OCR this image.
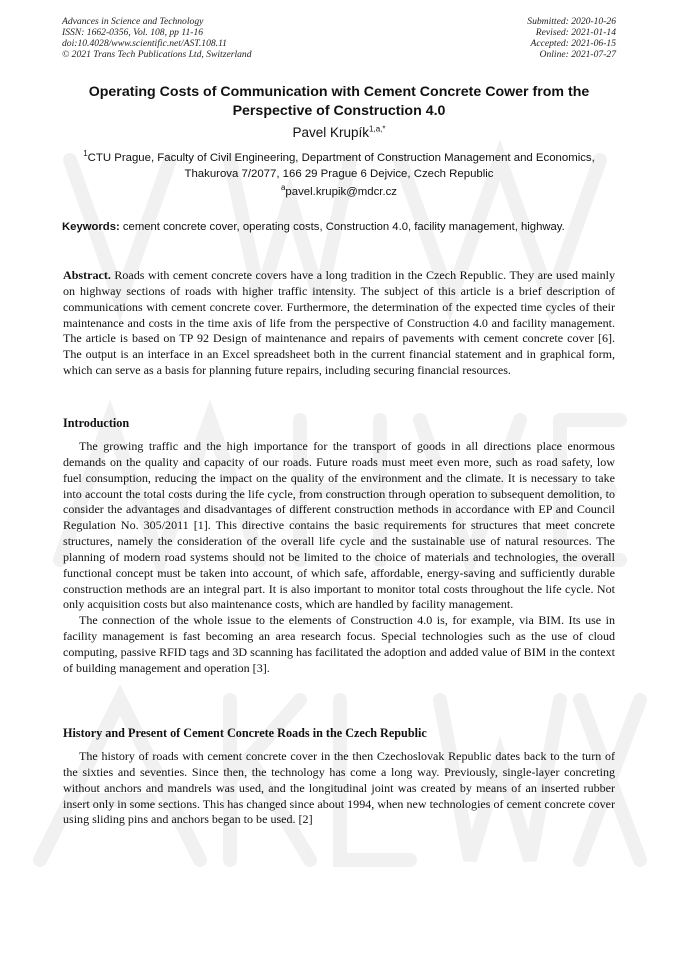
Advances in Science and Technology
ISSN: 1662-0356, Vol. 108, pp 11-16
doi:10.4028/www.scientific.net/AST.108.11
© 2021 Trans Tech Publications Ltd, Switzerland
Submitted: 2020-10-26
Revised: 2021-01-14
Accepted: 2021-06-15
Online: 2021-07-27
Operating Costs of Communication with Cement Concrete Cower from the Perspective of Construction 4.0
Pavel Krupík$^{1,a,*}$
$^1$CTU Prague, Faculty of Civil Engineering, Department of Construction Management and Economics, Thakurova 7/2077, 166 29 Prague 6 Dejvice, Czech Republic
$^a$pavel.krupik@mdcr.cz

Keywords: cement concrete cover, operating costs, Construction 4.0, facility management, highway.

Abstract. Roads with cement concrete covers have a long tradition in the Czech Republic. They are used mainly on highway sections of roads with higher traffic intensity. The subject of this article is a brief description of communications with cement concrete cover. Furthermore, the determination of the expected time cycles of their maintenance and costs in the time axis of life from the perspective of Construction 4.0 and facility management. The article is based on TP 92 Design of maintenance and repairs of pavements with cement concrete cover [6]. The output is an interface in an Excel spreadsheet both in the current financial statement and in graphical form, which can serve as a basis for planning future repairs, including securing financial resources.

Introduction

The growing traffic and the high importance for the transport of goods in all directions place enormous demands on the quality and capacity of our roads. Future roads must meet even more, such as road safety, low fuel consumption, reducing the impact on the quality of the environment and the climate. It is necessary to take into account the total costs during the life cycle, from construction through operation to subsequent demolition, to consider the advantages and disadvantages of different construction methods in accordance with EP and Council Regulation No. 305/2011 [1]. This directive contains the basic requirements for structures that meet concrete structures, namely the consideration of the overall life cycle and the sustainable use of natural resources. The planning of modern road systems should not be limited to the choice of materials and technologies, the overall functional concept must be taken into account, of which safe, affordable, energy-saving and sufficiently durable construction methods are an integral part. It is also important to monitor total costs throughout the life cycle. Not only acquisition costs but also maintenance costs, which are handled by facility management.

The connection of the whole issue to the elements of Construction 4.0 is, for example, via BIM. Its use in facility management is fast becoming an area research focus. Special technologies such as the use of cloud computing, passive RFID tags and 3D scanning has facilitated the adoption and added value of BIM in the context of building management and operation [3].

History and Present of Cement Concrete Roads in the Czech Republic

The history of roads with cement concrete cover in the then Czechoslovak Republic dates back to the turn of the sixties and seventies. Since then, the technology has come a long way. Previously, single-layer concreting without anchors and mandrels was used, and the longitudinal joint was created by means of an inserted rubber insert only in some sections. This has changed since about 1994, when new technologies of cement concrete cover using sliding pins and anchors began to be used. [2]
